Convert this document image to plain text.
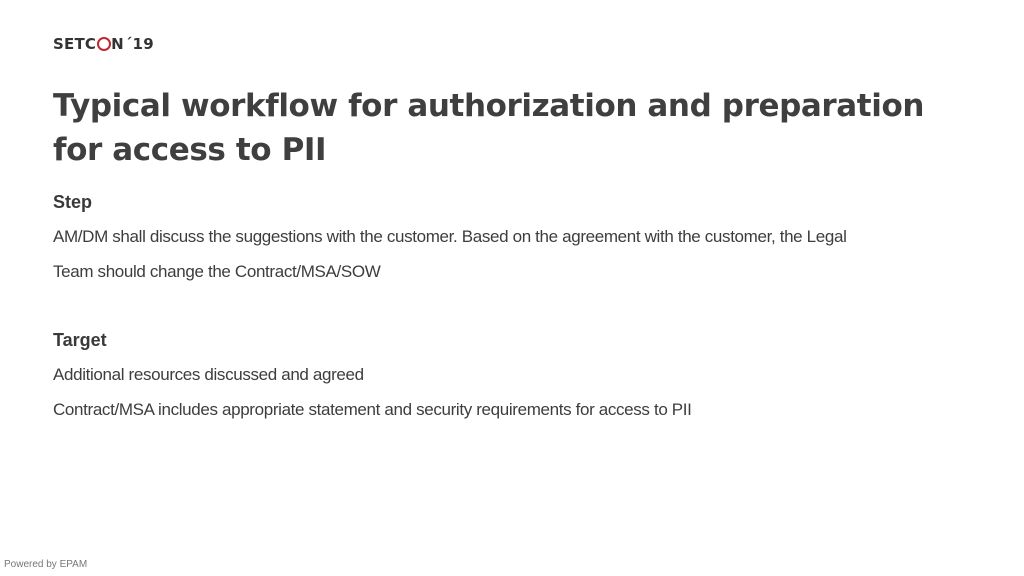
SETC N ´19
Typical workflow for authorization and preparation for access to PII

Step

AM/DM shall discuss the suggestions with the customer. Based on the agreement with the customer, the Legal

Team should change the Contract/MSA/SOW

Target

Additional resources discussed and agreed

Contract/MSA includes appropriate statement and security requirements for access to PII

Powered by EPAM
